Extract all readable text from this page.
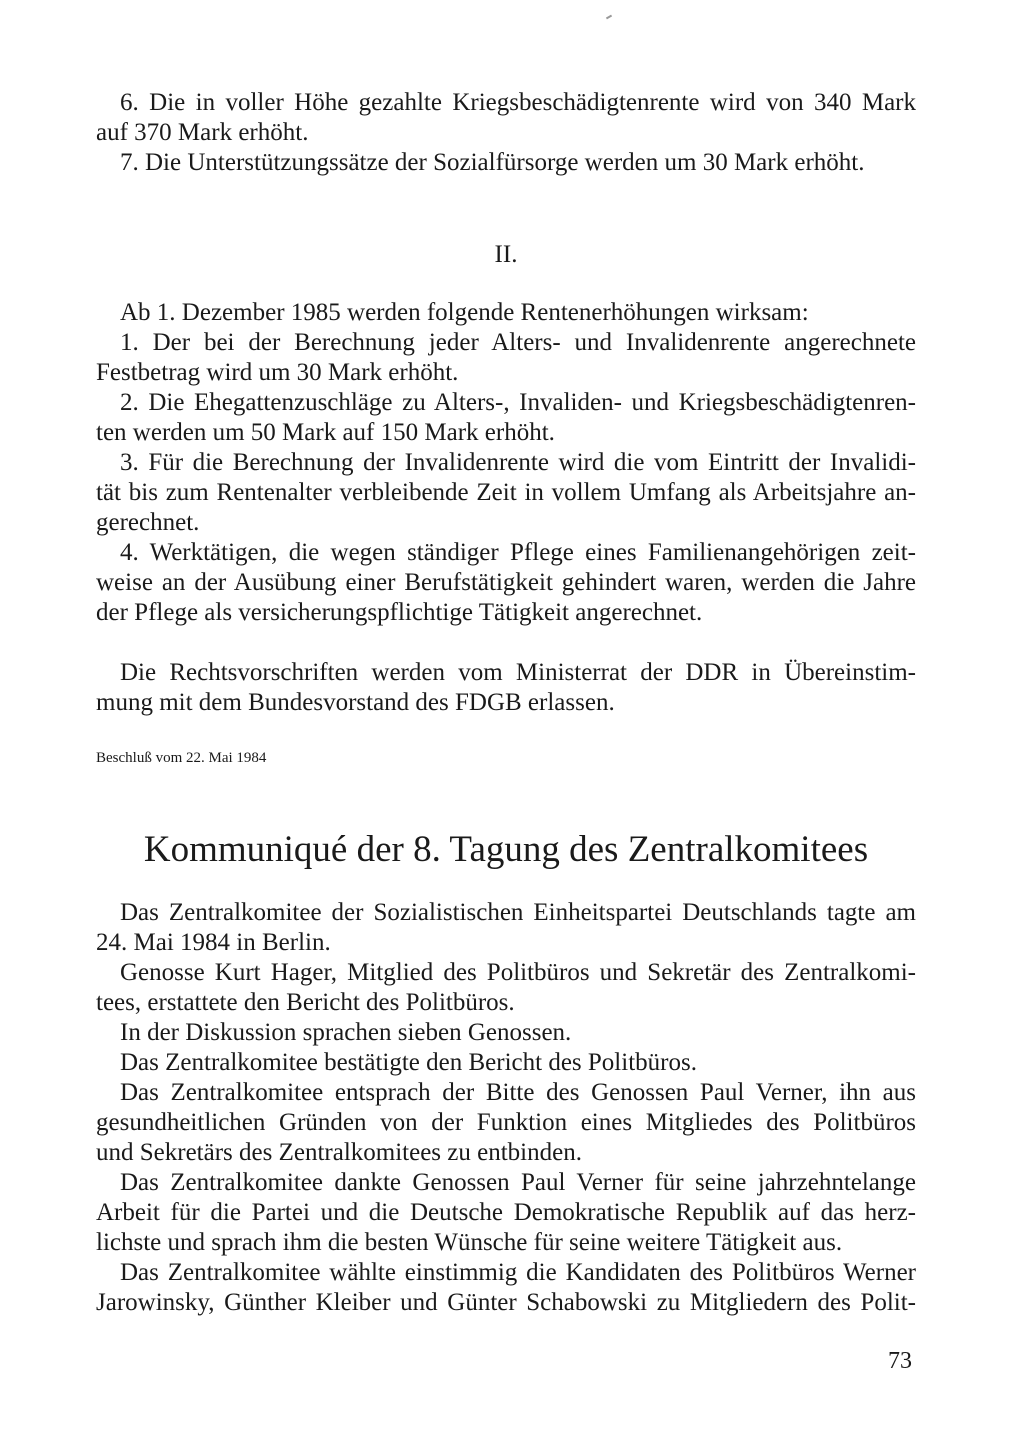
6. Die in voller Höhe gezahlte Kriegsbeschädigtenrente wird von 340 Mark
auf 370 Mark erhöht.
7. Die Unterstützungssätze der Sozialfürsorge werden um 30 Mark erhöht.
II.
Ab 1. Dezember 1985 werden folgende Rentenerhöhungen wirksam:
1. Der bei der Berechnung jeder Alters- und Invalidenrente angerechnete
Festbetrag wird um 30 Mark erhöht.
2. Die Ehegattenzuschläge zu Alters-, Invaliden- und Kriegsbeschädigtenren-
ten werden um 50 Mark auf 150 Mark erhöht.
3. Für die Berechnung der Invalidenrente wird die vom Eintritt der Invalidi-
tät bis zum Rentenalter verbleibende Zeit in vollem Umfang als Arbeitsjahre an-
gerechnet.
4. Werktätigen, die wegen ständiger Pflege eines Familienangehörigen zeit-
weise an der Ausübung einer Berufstätigkeit gehindert waren, werden die Jahre
der Pflege als versicherungspflichtige Tätigkeit angerechnet.
Die Rechtsvorschriften werden vom Ministerrat der DDR in Übereinstim-
mung mit dem Bundesvorstand des FDGB erlassen.
Beschluß vom 22. Mai 1984
Kommuniqué der 8. Tagung des Zentralkomitees
Das Zentralkomitee der Sozialistischen Einheitspartei Deutschlands tagte am
24. Mai 1984 in Berlin.
Genosse Kurt Hager, Mitglied des Politbüros und Sekretär des Zentralkomi-
tees, erstattete den Bericht des Politbüros.
In der Diskussion sprachen sieben Genossen.
Das Zentralkomitee bestätigte den Bericht des Politbüros.
Das Zentralkomitee entsprach der Bitte des Genossen Paul Verner, ihn aus
gesundheitlichen Gründen von der Funktion eines Mitgliedes des Politbüros
und Sekretärs des Zentralkomitees zu entbinden.
Das Zentralkomitee dankte Genossen Paul Verner für seine jahrzehntelange
Arbeit für die Partei und die Deutsche Demokratische Republik auf das herz-
lichste und sprach ihm die besten Wünsche für seine weitere Tätigkeit aus.
Das Zentralkomitee wählte einstimmig die Kandidaten des Politbüros Werner
Jarowinsky, Günther Kleiber und Günter Schabowski zu Mitgliedern des Polit-
73
